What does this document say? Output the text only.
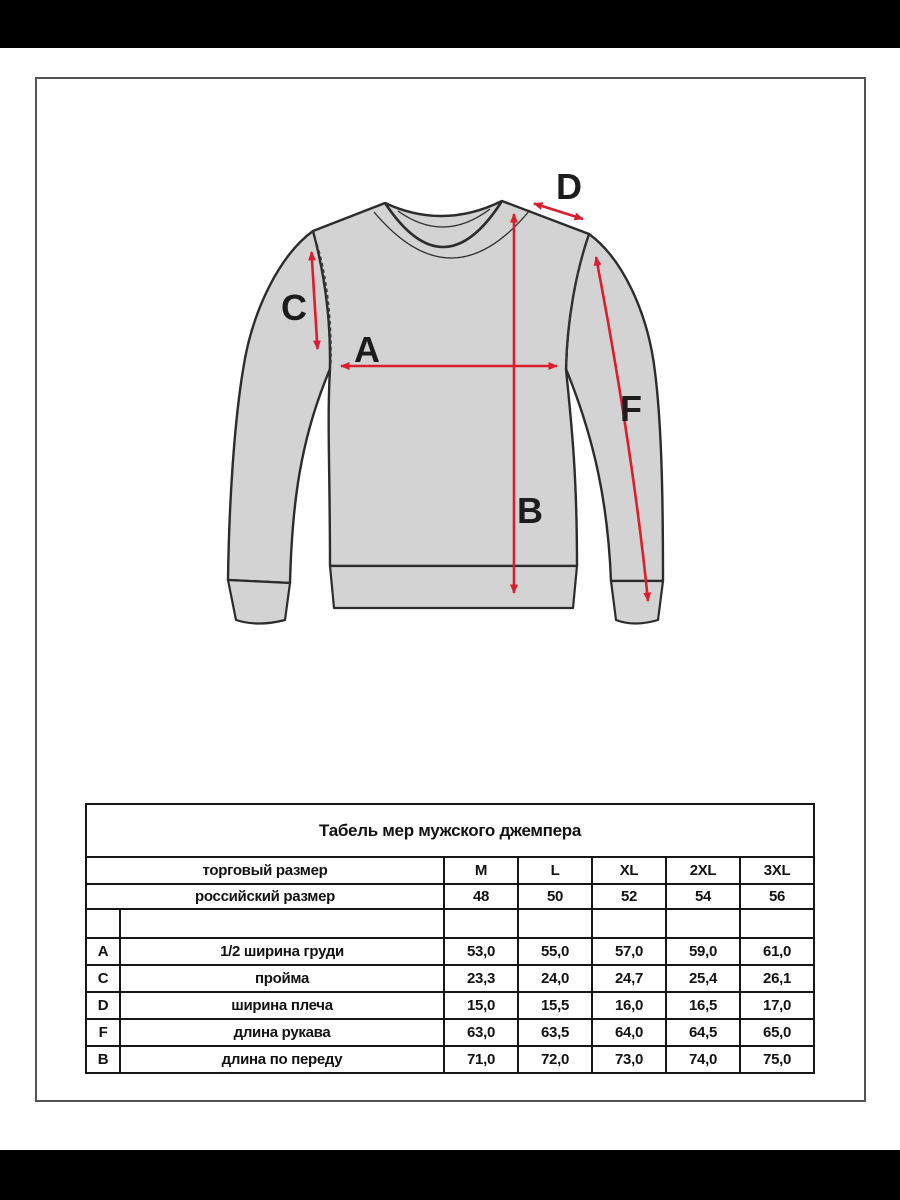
A
B
C
D
F
Табель мер мужского джемпера						
торговый размер		M	L	XL	2XL	3XL
российский размер		48	50	52	54	56

A	1/2 ширина груди	53,0	55,0	57,0	59,0	61,0
C	пройма	23,3	24,0	24,7	25,4	26,1
D	ширина плеча	15,0	15,5	16,0	16,5	17,0
F	длина рукава	63,0	63,5	64,0	64,5	65,0
B	длина по переду	71,0	72,0	73,0	74,0	75,0
